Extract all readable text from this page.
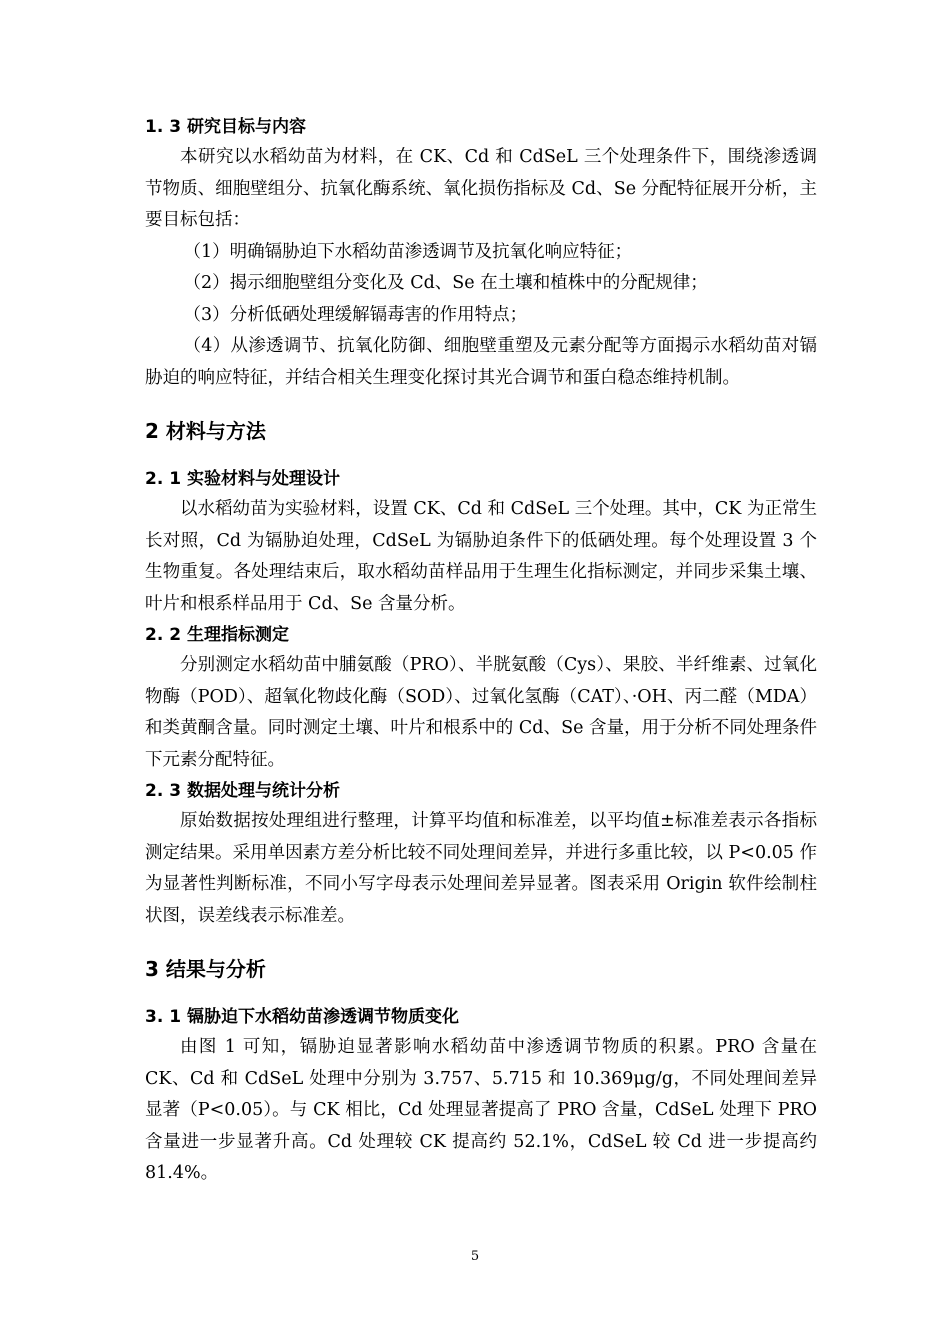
1. 3 研究目标与内容

本研究以水稻幼苗为材料，在 CK、Cd 和 CdSeL 三个处理条件下，围绕渗透调节物质、细胞壁组分、抗氧化酶系统、氧化损伤指标及 Cd、Se 分配特征展开分析，主要目标包括：

（1）明确镉胁迫下水稻幼苗渗透调节及抗氧化响应特征；

（2）揭示细胞壁组分变化及 Cd、Se 在土壤和植株中的分配规律；

（3）分析低硒处理缓解镉毒害的作用特点；

（4）从渗透调节、抗氧化防御、细胞壁重塑及元素分配等方面揭示水稻幼苗对镉胁迫的响应特征，并结合相关生理变化探讨其光合调节和蛋白稳态维持机制。

2 材料与方法

2. 1 实验材料与处理设计

以水稻幼苗为实验材料，设置 CK、Cd 和 CdSeL 三个处理。其中，CK 为正常生长对照，Cd 为镉胁迫处理，CdSeL 为镉胁迫条件下的低硒处理。每个处理设置 3 个生物重复。各处理结束后，取水稻幼苗样品用于生理生化指标测定，并同步采集土壤、叶片和根系样品用于 Cd、Se 含量分析。

2. 2 生理指标测定

分别测定水稻幼苗中脯氨酸（PRO）、半胱氨酸（Cys）、果胶、半纤维素、过氧化物酶（POD）、超氧化物歧化酶（SOD）、过氧化氢酶（CAT）、·OH、丙二醛（MDA）和类黄酮含量。同时测定土壤、叶片和根系中的 Cd、Se 含量，用于分析不同处理条件下元素分配特征。

2. 3 数据处理与统计分析

原始数据按处理组进行整理，计算平均值和标准差，以平均值±标准差表示各指标测定结果。采用单因素方差分析比较不同处理间差异，并进行多重比较，以 P<0.05 作为显著性判断标准，不同小写字母表示处理间差异显著。图表采用 Origin 软件绘制柱状图，误差线表示标准差。

3 结果与分析

3. 1 镉胁迫下水稻幼苗渗透调节物质变化

由图 1 可知，镉胁迫显著影响水稻幼苗中渗透调节物质的积累。PRO 含量在 CK、Cd 和 CdSeL 处理中分别为 3.757、5.715 和 10.369μg/g，不同处理间差异显著（P<0.05）。与 CK 相比，Cd 处理显著提高了 PRO 含量，CdSeL 处理下 PRO 含量进一步显著升高。Cd 处理较 CK 提高约 52.1%，CdSeL 较 Cd 进一步提高约 81.4%。

5
